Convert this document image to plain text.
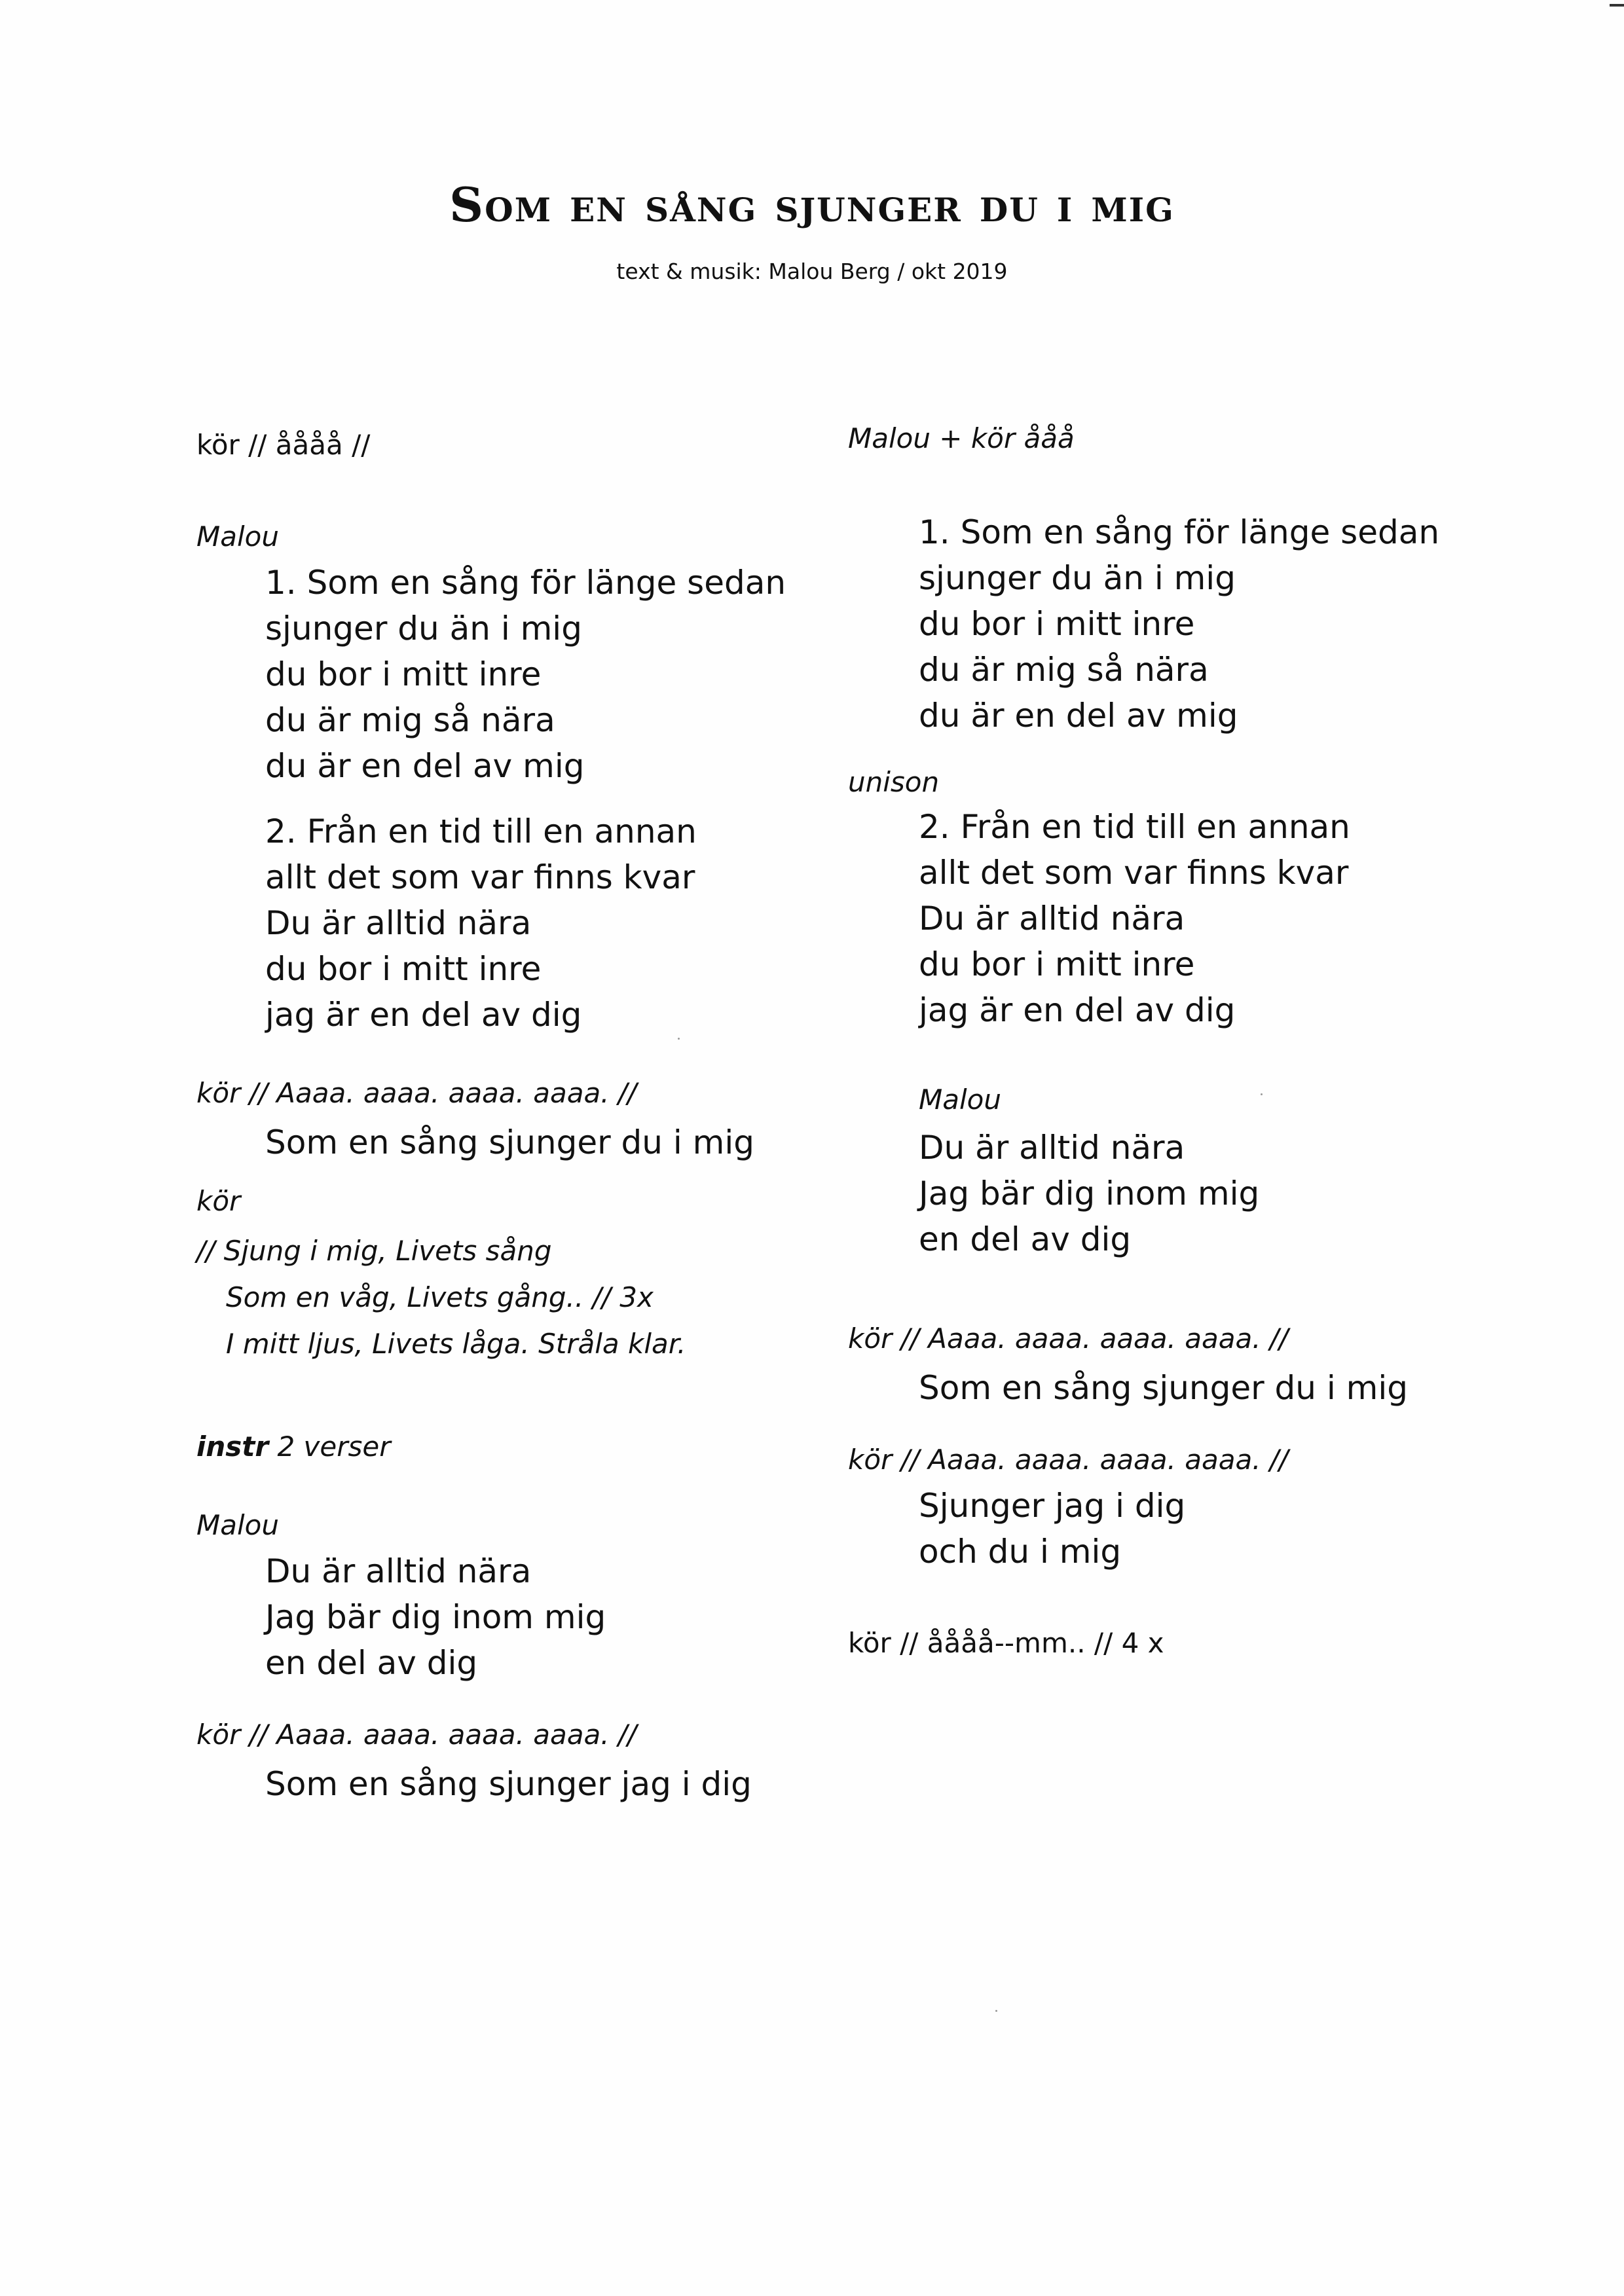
Som en sång sjunger du i mig

text & musik: Malou Berg / okt 2019

kör // åååå //

Malou

1. Som en sång för länge sedan
sjunger du än i mig
du bor i mitt inre
du är mig så nära
du är en del av mig
2. Från en tid till en annan
allt det som var finns kvar
Du är alltid nära
du bor i mitt inre
jag är en del av dig

kör // Aaaa. aaaa. aaaa. aaaa. //

Som en sång sjunger du i mig

kör

// Sjung i mig, Livets sång
Som en våg, Livets gång.. // 3x
I mitt ljus, Livets låga. Stråla klar.

instr 2 verser

Malou

Du är alltid nära
Jag bär dig inom mig
en del av dig

kör // Aaaa. aaaa. aaaa. aaaa. //

Som en sång sjunger jag i dig

Malou + kör ååå

1. Som en sång för länge sedan
sjunger du än i mig
du bor i mitt inre
du är mig så nära
du är en del av mig

unison

2. Från en tid till en annan
allt det som var finns kvar
Du är alltid nära
du bor i mitt inre
jag är en del av dig

Malou

Du är alltid nära
Jag bär dig inom mig
en del av dig

kör // Aaaa. aaaa. aaaa. aaaa. //

Som en sång sjunger du i mig

kör // Aaaa. aaaa. aaaa. aaaa. //

Sjunger jag i dig
och du i mig

kör // åååå--mm.. // 4 x
